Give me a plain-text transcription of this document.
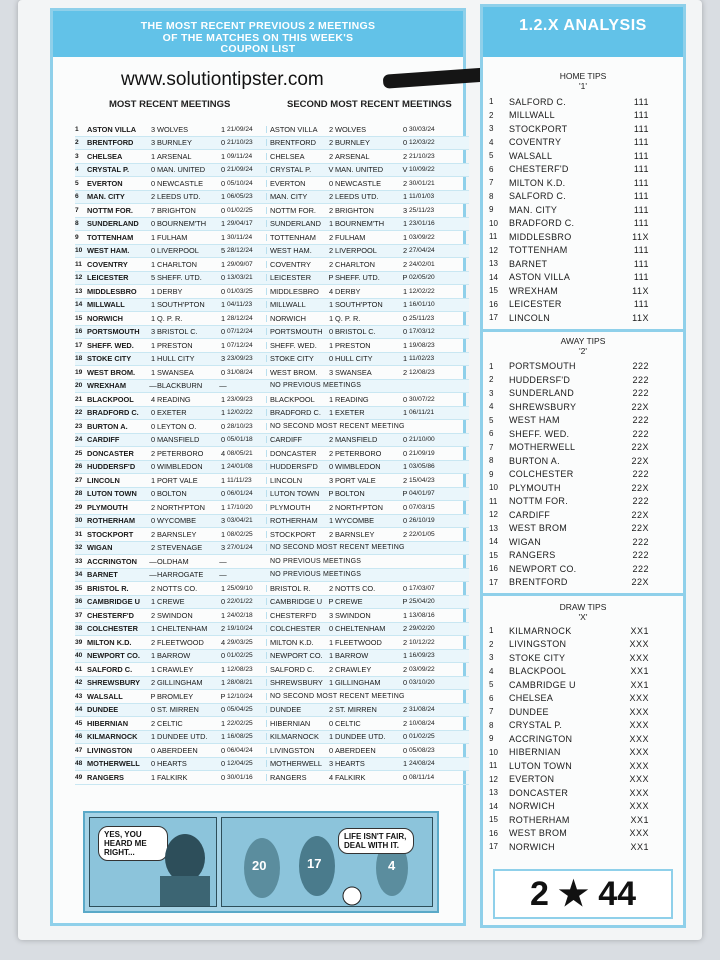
THE MOST RECENT PREVIOUS 2 MEETINGS
OF THE MATCHES ON THIS WEEK'S
COUPON LIST
www.solutiontipster.com
MOST RECENT MEETINGS	SECOND MOST RECENT MEETINGS
1	ASTON VILLA	3 WOLVES	1 21/09/24	ASTON VILLA	2 WOLVES	0 30/03/24
2	BRENTFORD	3 BURNLEY	0 21/10/23	BRENTFORD	2 BURNLEY	0 12/03/22
3	CHELSEA	1 ARSENAL	1 09/11/24	CHELSEA	2 ARSENAL	2 21/10/23
4	CRYSTAL P.	0 MAN. UNITED	0 21/09/24	CRYSTAL P.	V MAN. UNITED	V 10/09/22
5	EVERTON	0 NEWCASTLE	0 05/10/24	EVERTON	0 NEWCASTLE	2 30/01/21
6	MAN. CITY	2 LEEDS UTD.	1 06/05/23	MAN. CITY	2 LEEDS UTD.	1 11/01/03
7	NOTTM FOR.	7 BRIGHTON	0 01/02/25	NOTTM FOR.	2 BRIGHTON	3 25/11/23
8	SUNDERLAND	0 BOURNEM'TH	1 29/04/17	SUNDERLAND	1 BOURNEM'TH	1 23/01/16
9	TOTTENHAM	1 FULHAM	1 30/11/24	TOTTENHAM	2 FULHAM	1 03/09/22
10 WEST HAM.	0 LIVERPOOL	5 28/12/24	WEST HAM.	2 LIVERPOOL	2 27/04/24
11 COVENTRY	1 CHARLTON	1 29/09/07	COVENTRY	2 CHARLTON	2 24/02/01
12 LEICESTER	5 SHEFF. UTD.	0 13/03/21	LEICESTER	P SHEFF. UTD.	P 02/05/20
13 MIDDLESBRO	1 DERBY	0 01/03/25	MIDDLESBRO	4 DERBY	1 12/02/22
14 MILLWALL	1 SOUTH'PTON	1 04/11/23	MILLWALL	1 SOUTH'PTON	1 16/01/10
15 NORWICH	1 Q. P. R.	1 28/12/24	NORWICH	1 Q. P. R.	0 25/11/23
16 PORTSMOUTH	3 BRISTOL C.	0 07/12/24	PORTSMOUTH 0 BRISTOL C.	0 17/03/12
17 SHEFF. WED.	1 PRESTON	1 07/12/24	SHEFF. WED.	1 PRESTON	1 19/08/23
18 STOKE CITY	1 HULL CITY	3 23/09/23	STOKE CITY	0 HULL CITY	1 11/02/23
19 WEST BROM.	1 SWANSEA	0 31/08/24	WEST BROM.	3 SWANSEA	2 12/08/23
20 WREXHAM	— BLACKBURN	—	NO PREVIOUS MEETINGS
21 BLACKPOOL	4 READING	1 23/09/23	BLACKPOOL	1 READING	0 30/07/22
22 BRADFORD C.	0 EXETER	1 12/02/22	BRADFORD C.	1 EXETER	1 06/11/21
23 BURTON A.	0 LEYTON O.	0 28/10/23	NO SECOND MOST RECENT MEETING
24 CARDIFF	0 MANSFIELD	0 05/01/18	CARDIFF	2 MANSFIELD	0 21/10/00
25 DONCASTER	2 PETERBORO	4 08/05/21	DONCASTER	2 PETERBORO	0 21/09/19
26 HUDDERSF'D	0 WIMBLEDON	1 24/01/08	HUDDERSF'D	0 WIMBLEDON	1 03/05/86
27 LINCOLN	1 PORT VALE	1 11/11/23	LINCOLN	3 PORT VALE	2 15/04/23
28 LUTON TOWN	0 BOLTON	0 06/01/24	LUTON TOWN	P BOLTON	P 04/01/97
29 PLYMOUTH	2 NORTH'PTON	1 17/10/20	PLYMOUTH	2 NORTH'PTON	0 07/03/15
30 ROTHERHAM	0 WYCOMBE	3 03/04/21	ROTHERHAM	1 WYCOMBE	0 26/10/19
31 STOCKPORT	2 BARNSLEY	1 08/02/25	STOCKPORT	2 BARNSLEY	2 22/01/05
32 WIGAN	2 STEVENAGE	3 27/01/24	NO SECOND MOST RECENT MEETING
33 ACCRINGTON	— OLDHAM	—	NO PREVIOUS MEETINGS
34 BARNET	— HARROGATE	—	NO PREVIOUS MEETINGS
35 BRISTOL R.	2 NOTTS CO.	1 25/09/10	BRISTOL R.	2 NOTTS CO.	0 17/03/07
36 CAMBRIDGE U	1 CREWE	0 22/01/22	CAMBRIDGE U P CREWE	P 25/04/20
37 CHESTERF'D	2 SWINDON	1 24/02/18	CHESTERF'D	3 SWINDON	1 13/08/16
38 COLCHESTER	1 CHELTENHAM	2 19/10/24	COLCHESTER	0 CHELTENHAM	2 29/02/20
39 MILTON K.D.	2 FLEETWOOD	4 29/03/25	MILTON K.D.	1 FLEETWOOD	2 10/12/22
40 NEWPORT CO.	1 BARROW	0 01/02/25	NEWPORT CO. 1 BARROW	1 16/09/23
41 SALFORD C.	1 CRAWLEY	1 12/08/23	SALFORD C.	2 CRAWLEY	2 03/09/22
42 SHREWSBURY	2 GILLINGHAM	1 28/08/21	SHREWSBURY 1 GILLINGHAM	0 03/10/20
43 WALSALL	P BROMLEY	P 12/10/24	NO SECOND MOST RECENT MEETING
44 DUNDEE	0 ST. MIRREN	0 05/04/25	DUNDEE	2 ST. MIRREN	2 31/08/24
45 HIBERNIAN	2 CELTIC	1 22/02/25	HIBERNIAN	0 CELTIC	2 10/08/24
46 KILMARNOCK	1 DUNDEE UTD.	1 16/08/25	KILMARNOCK	1 DUNDEE UTD.	0 01/02/25
47 LIVINGSTON	0 ABERDEEN	0 06/04/24	LIVINGSTON	0 ABERDEEN	0 05/08/23
48 MOTHERWELL	0 HEARTS	0 12/04/25	MOTHERWELL 3 HEARTS	1 24/08/24
49 RANGERS	1 FALKIRK	0 30/01/16	RANGERS	4 FALKIRK	0 08/11/14
YES, YOU HEARD ME RIGHT...
20	17	4
LIFE ISN'T FAIR, DEAL WITH IT.
1.2.X ANALYSIS
HOME TIPS
'1'
1	SALFORD C.	111
2	MILLWALL	111
3	STOCKPORT	111
4	COVENTRY	111
5	WALSALL	111
6	CHESTERF'D	111
7	MILTON K.D.	111
8	SALFORD C.	111
9	MAN. CITY	111
10	BRADFORD C.	111
11	MIDDLESBRO	11X
12	TOTTENHAM	111
13	BARNET	111
14	ASTON VILLA	111
15	WREXHAM	11X
16	LEICESTER	111
17	LINCOLN	11X
AWAY TIPS
'2'
1	PORTSMOUTH	222
2	HUDDERSF'D	222
3	SUNDERLAND	222
4	SHREWSBURY	22X
5	WEST HAM	222
6	SHEFF. WED.	222
7	MOTHERWELL	22X
8	BURTON A.	22X
9	COLCHESTER	222
10	PLYMOUTH	22X
11	NOTTM FOR.	222
12	CARDIFF	22X
13	WEST BROM	22X
14	WIGAN	222
15	RANGERS	222
16	NEWPORT CO.	222
17	BRENTFORD	22X
DRAW TIPS
'X'
1	KILMARNOCK	XX1
2	LIVINGSTON	XXX
3	STOKE CITY	XXX
4	BLACKPOOL	XX1
5	CAMBRIDGE U	XX1
6	CHELSEA	XXX
7	DUNDEE	XXX
8	CRYSTAL P.	XXX
9	ACCRINGTON	XXX
10	HIBERNIAN	XXX
11	LUTON TOWN	XXX
12	EVERTON	XXX
13	DONCASTER	XXX
14	NORWICH	XXX
15	ROTHERHAM	XX1
16	WEST BROM	XXX
17	NORWICH	XX1
2 ★ 44
